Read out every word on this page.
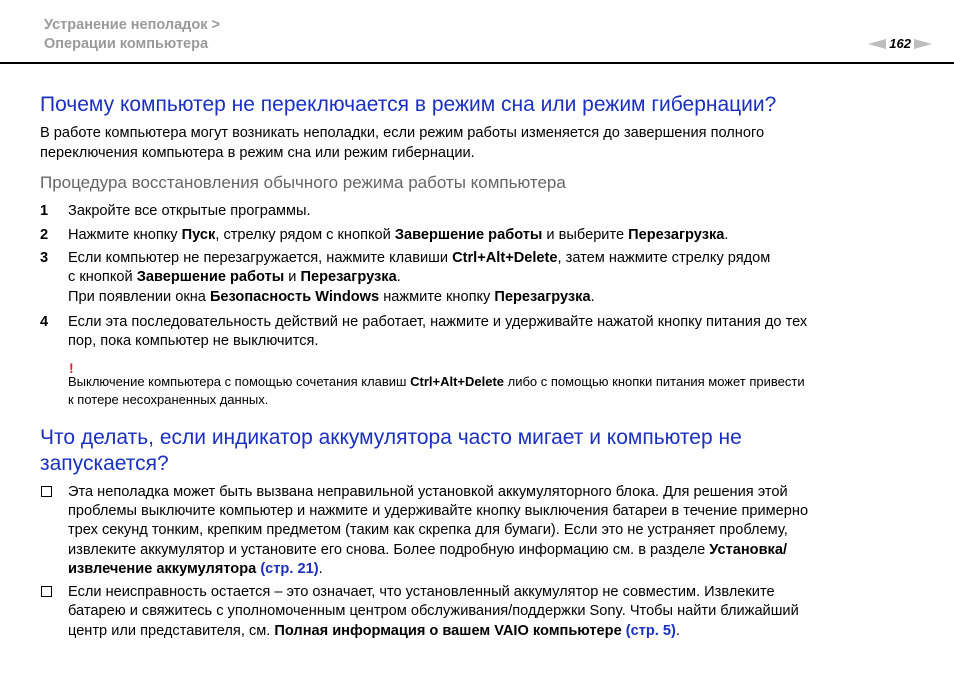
Устранение неполадок >
Операции компьютера	162
Почему компьютер не переключается в режим сна или режим гибернации?
В работе компьютера могут возникать неполадки, если режим работы изменяется до завершения полного
переключения компьютера в режим сна или режим гибернации.
Процедура восстановления обычного режима работы компьютера
1 Закройте все открытые программы.
2 Нажмите кнопку Пуск, стрелку рядом с кнопкой Завершение работы и выберите Перезагрузка.
3 Если компьютер не перезагружается, нажмите клавиши Ctrl+Alt+Delete, затем нажмите стрелку рядом
с кнопкой Завершение работы и Перезагрузка.
При появлении окна Безопасность Windows нажмите кнопку Перезагрузка.
4 Если эта последовательность действий не работает, нажмите и удерживайте нажатой кнопку питания до тех
пор, пока компьютер не выключится.
!
Выключение компьютера с помощью сочетания клавиш Ctrl+Alt+Delete либо с помощью кнопки питания может привести
к потере несохраненных данных.
Что делать, если индикатор аккумулятора часто мигает и компьютер не
запускается?
Эта неполадка может быть вызвана неправильной установкой аккумуляторного блока. Для решения этой
проблемы выключите компьютер и нажмите и удерживайте кнопку выключения батареи в течение примерно
трех секунд тонким, крепким предметом (таким как скрепка для бумаги). Если это не устраняет проблему,
извлеките аккумулятор и установите его снова. Более подробную информацию см. в разделе Установка/
извлечение аккумулятора (стр. 21).
Если неисправность остается – это означает, что установленный аккумулятор не совместим. Извлеките
батарею и свяжитесь с уполномоченным центром обслуживания/поддержки Sony. Чтобы найти ближайший
центр или представителя, см. Полная информация о вашем VAIO компьютере (стр. 5).
